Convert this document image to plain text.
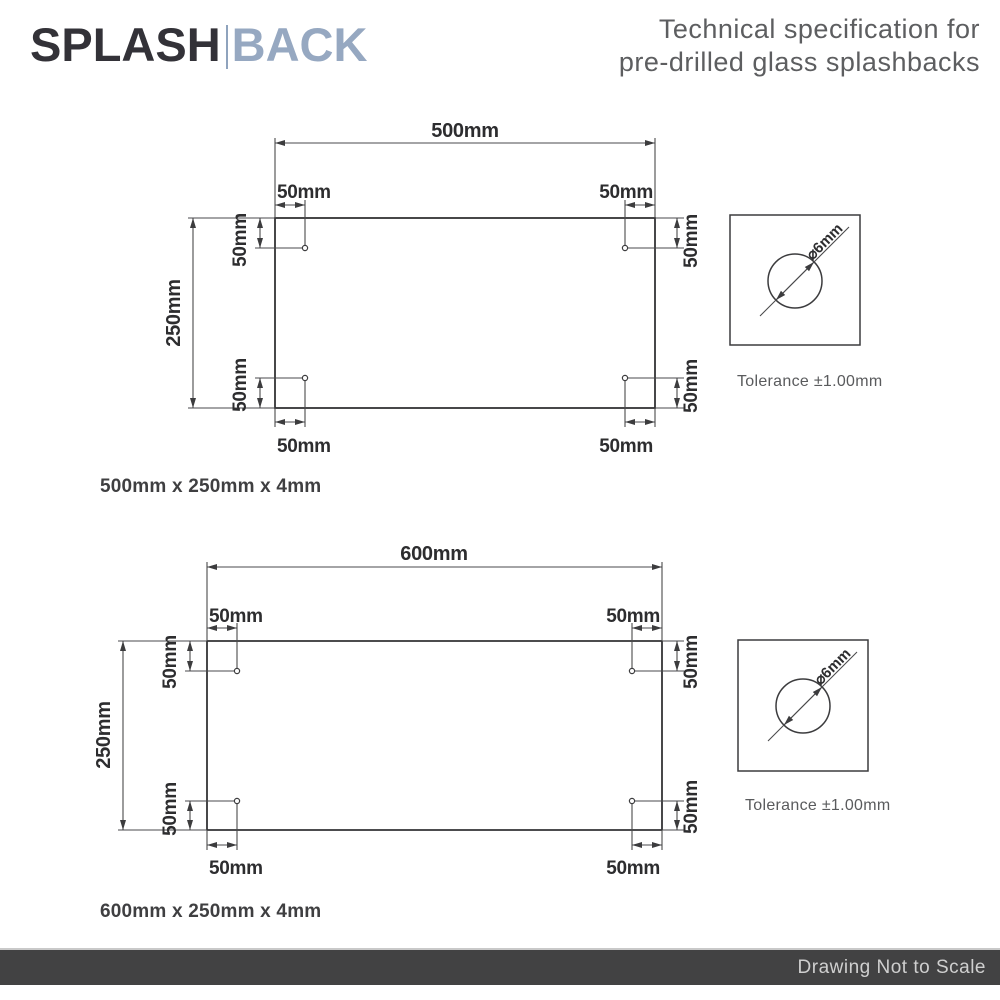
SPLASH BACK	Technical specification for
pre-drilled glass splashbacks
500mm
50mm	50mm
250mm
50mm
50mm
50mm
50mm
50mm	50mm
⌀6mm
Tolerance ±1.00mm
600mm
50mm	50mm
250mm
50mm
50mm
50mm
50mm
50mm	50mm
⌀6mm
Tolerance ±1.00mm
500mm x 250mm x 4mm
600mm x 250mm x 4mm
Drawing Not to Scale
